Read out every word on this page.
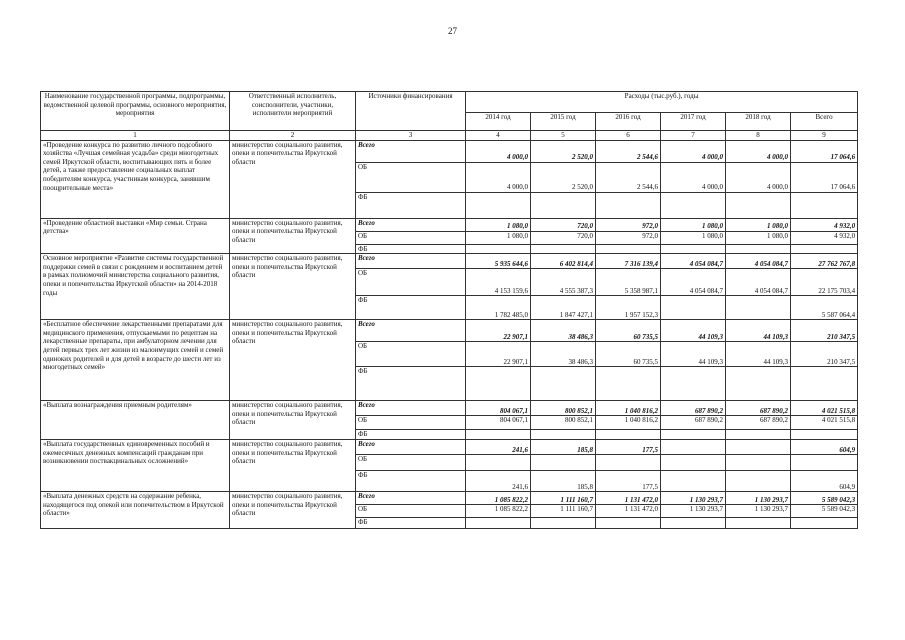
27
Наименование государственной программы, подпрограммы, ведомственной целевой программы, основного мероприятия, мероприятия	Ответственный исполнитель, соисполнители, участники, исполнители мероприятий	Источники финансирования	Расходы (тыс.руб.), годы					
			2014 год	2015 год	2016 год	2017 год	2018 год	Всего
1	2	3	4	5	6	7	8	9
«Проведение конкурса по развитию личного подсобного хозяйства «Лучшая семейная усадьба» среди многодетных семей Иркутской области, воспитывающих пять и более детей, а также предоставление социальных выплат победителям конкурса, участникам конкурса, занявшим поощрительные места»	министерство социального развития, опеки и попечительства Иркутской области	Всего	4 000,0	2 520,0	2 544,6	4 000,0	4 000,0	17 064,6
		ОБ	4 000,0	2 520,0	2 544,6	4 000,0	4 000,0	17 064,6
		ФБ						
«Проведение областной выставки «Мир семьи. Страна детства»	министерство социального развития, опеки и попечительства Иркутской области	Всего	1 080,0	720,0	972,0	1 080,0	1 080,0	4 932,0
		ОБ	1 080,0	720,0	972,0	1 080,0	1 080,0	4 932,0
		ФБ						
Основное мероприятие «Развитие системы государственной поддержки семей в связи с рождением и воспитанием детей в рамках полномочий министерства социального развития, опеки и попечительства Иркутской области» на 2014-2018 годы	министерство социального развития, опеки и попечительства Иркутской области	Всего	5 935 644,6	6 402 814,4	7 316 139,4	4 054 084,7	4 054 084,7	27 762 767,8
		ОБ	4 153 159,6	4 555 387,3	5 358 987,1	4 054 084,7	4 054 084,7	22 175 703,4
		ФБ	1 782 485,0	1 847 427,1	1 957 152,3			5 587 064,4
«Бесплатное обеспечение лекарственными препаратами для медицинского применения, отпускаемыми по рецептам на лекарственные препараты, при амбулаторном лечении для детей первых трех лет жизни из малоимущих семей и семей одиноких родителей и для детей в возрасте до шести лет из многодетных семей»	министерство социального развития, опеки и попечительства Иркутской области	Всего	22 907,1	38 486,3	60 735,5	44 109,3	44 109,3	210 347,5
		ОБ	22 907,1	38 486,3	60 735,5	44 109,3	44 109,3	210 347,5
		ФБ						
«Выплата вознаграждения приемным родителям»	министерство социального развития, опеки и попечительства Иркутской области	Всего	804 067,1	800 852,1	1 040 816,2	687 890,2	687 890,2	4 021 515,8
		ОБ	804 067,1	800 852,1	1 040 816,2	687 890,2	687 890,2	4 021 515,8
		ФБ						
«Выплата государственных единовременных пособий и ежемесячных денежных компенсаций гражданам при возникновении поствакцинальных осложнений»	министерство социального развития, опеки и попечительства Иркутской области	Всего	241,6	185,8	177,5			604,9
		ОБ						
		ФБ	241,6	185,8	177,5			604,9
«Выплата денежных средств на содержание ребенка, находящегося под опекой или попечительством в Иркутской области»	министерство социального развития, опеки и попечительства Иркутской области	Всего	1 085 822,2	1 111 160,7	1 131 472,0	1 130 293,7	1 130 293,7	5 589 042,3
		ОБ	1 085 822,2	1 111 160,7	1 131 472,0	1 130 293,7	1 130 293,7	5 589 042,3
		ФБ						
